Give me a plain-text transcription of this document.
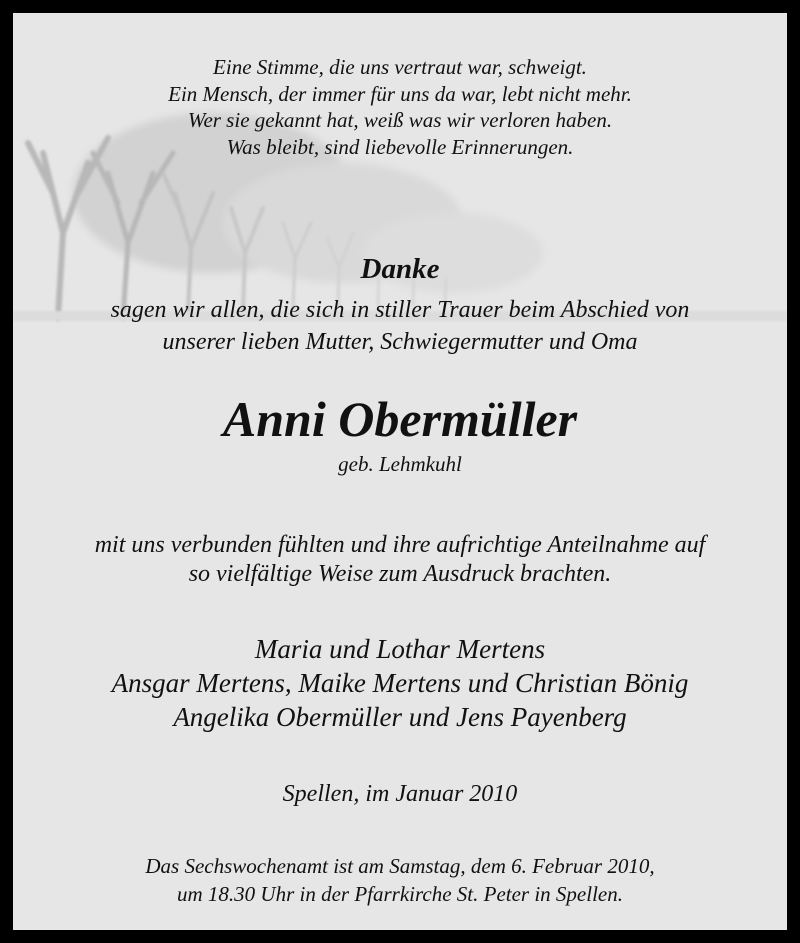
Eine Stimme, die uns vertraut war, schweigt.
Ein Mensch, der immer für uns da war, lebt nicht mehr.
Wer sie gekannt hat, weiß was wir verloren haben.
Was bleibt, sind liebevolle Erinnerungen.
Danke
sagen wir allen, die sich in stiller Trauer beim Abschied von
unserer lieben Mutter, Schwiegermutter und Oma
Anni Obermüller
geb. Lehmkuhl
mit uns verbunden fühlten und ihre aufrichtige Anteilnahme auf
so vielfältige Weise zum Ausdruck brachten.
Maria und Lothar Mertens
Ansgar Mertens, Maike Mertens und Christian Bönig
Angelika Obermüller und Jens Payenberg
Spellen, im Januar 2010
Das Sechswochenamt ist am Samstag, dem 6. Februar 2010,
um 18.30 Uhr in der Pfarrkirche St. Peter in Spellen.
